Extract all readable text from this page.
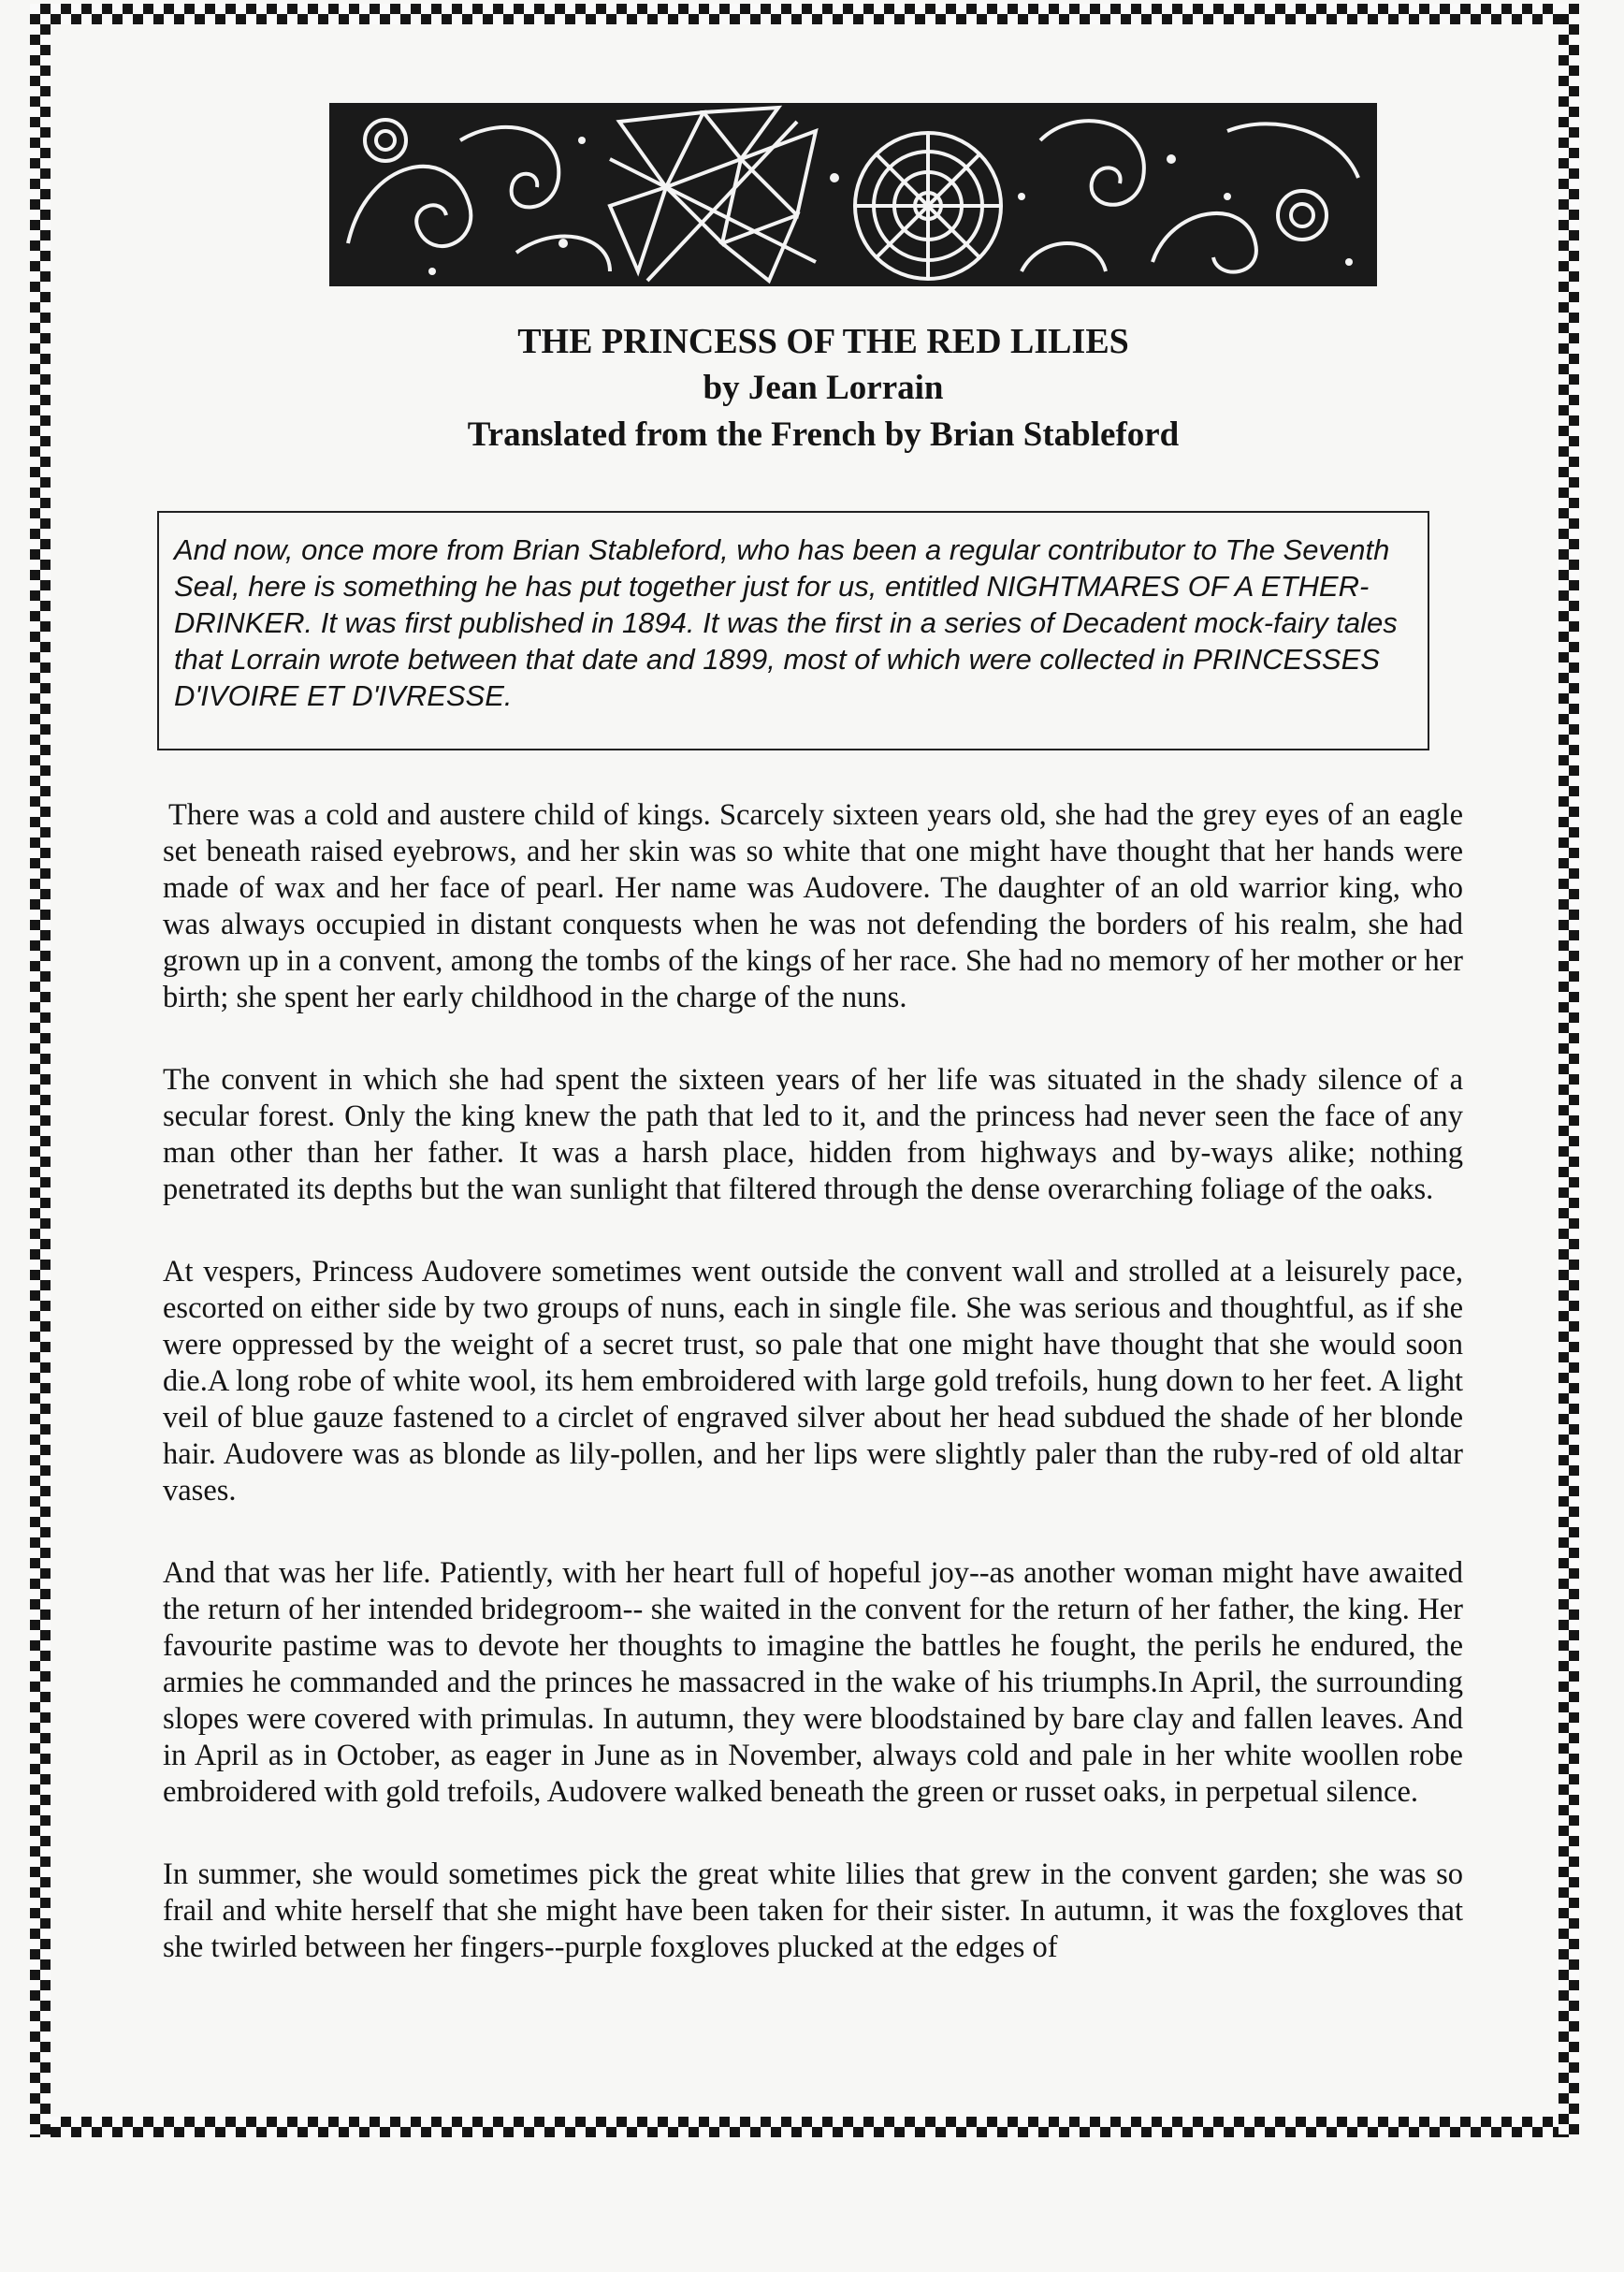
THE PRINCESS OF THE RED LILIES

by Jean Lorrain

Translated from the French by Brian Stableford

And now, once more from Brian Stableford, who has been a regular contributor to The Seventh Seal, here is something he has put together just for us, entitled NIGHTMARES OF A ETHER-DRINKER. It was first published in 1894. It was the first in a series of Decadent mock-fairy tales that Lorrain wrote between that date and 1899, most of which were collected in PRINCESSES D'IVOIRE ET D'IVRESSE.

There was a cold and austere child of kings. Scarcely sixteen years old, she had the grey eyes of an eagle set beneath raised eyebrows, and her skin was so white that one might have thought that her hands were made of wax and her face of pearl. Her name was Audovere. The daughter of an old warrior king, who was always occupied in distant conquests when he was not defending the borders of his realm, she had grown up in a convent, among the tombs of the kings of her race. She had no memory of her mother or her birth; she spent her early childhood in the charge of the nuns.

The convent in which she had spent the sixteen years of her life was situated in the shady silence of a secular forest. Only the king knew the path that led to it, and the princess had never seen the face of any man other than her father. It was a harsh place, hidden from highways and by-ways alike; nothing penetrated its depths but the wan sunlight that filtered through the dense overarching foliage of the oaks.

At vespers, Princess Audovere sometimes went outside the convent wall and strolled at a leisurely pace, escorted on either side by two groups of nuns, each in single file. She was serious and thoughtful, as if she were oppressed by the weight of a secret trust, so pale that one might have thought that she would soon die.A long robe of white wool, its hem embroidered with large gold trefoils, hung down to her feet. A light veil of blue gauze fastened to a circlet of engraved silver about her head subdued the shade of her blonde hair. Audovere was as blonde as lily-pollen, and her lips were slightly paler than the ruby-red of old altar vases.

And that was her life. Patiently, with her heart full of hopeful joy--as another woman might have awaited the return of her intended bridegroom-- she waited in the convent for the return of her father, the king. Her favourite pastime was to devote her thoughts to imagine the battles he fought, the perils he endured, the armies he commanded and the princes he massacred in the wake of his triumphs.In April, the surrounding slopes were covered with primulas. In autumn, they were bloodstained by bare clay and fallen leaves. And in April as in October, as eager in June as in November, always cold and pale in her white woollen robe embroidered with gold trefoils, Audovere walked beneath the green or russet oaks, in perpetual silence.

In summer, she would sometimes pick the great white lilies that grew in the convent garden; she was so frail and white herself that she might have been taken for their sister. In autumn, it was the foxgloves that she twirled between her fingers--purple foxgloves plucked at the edges of
